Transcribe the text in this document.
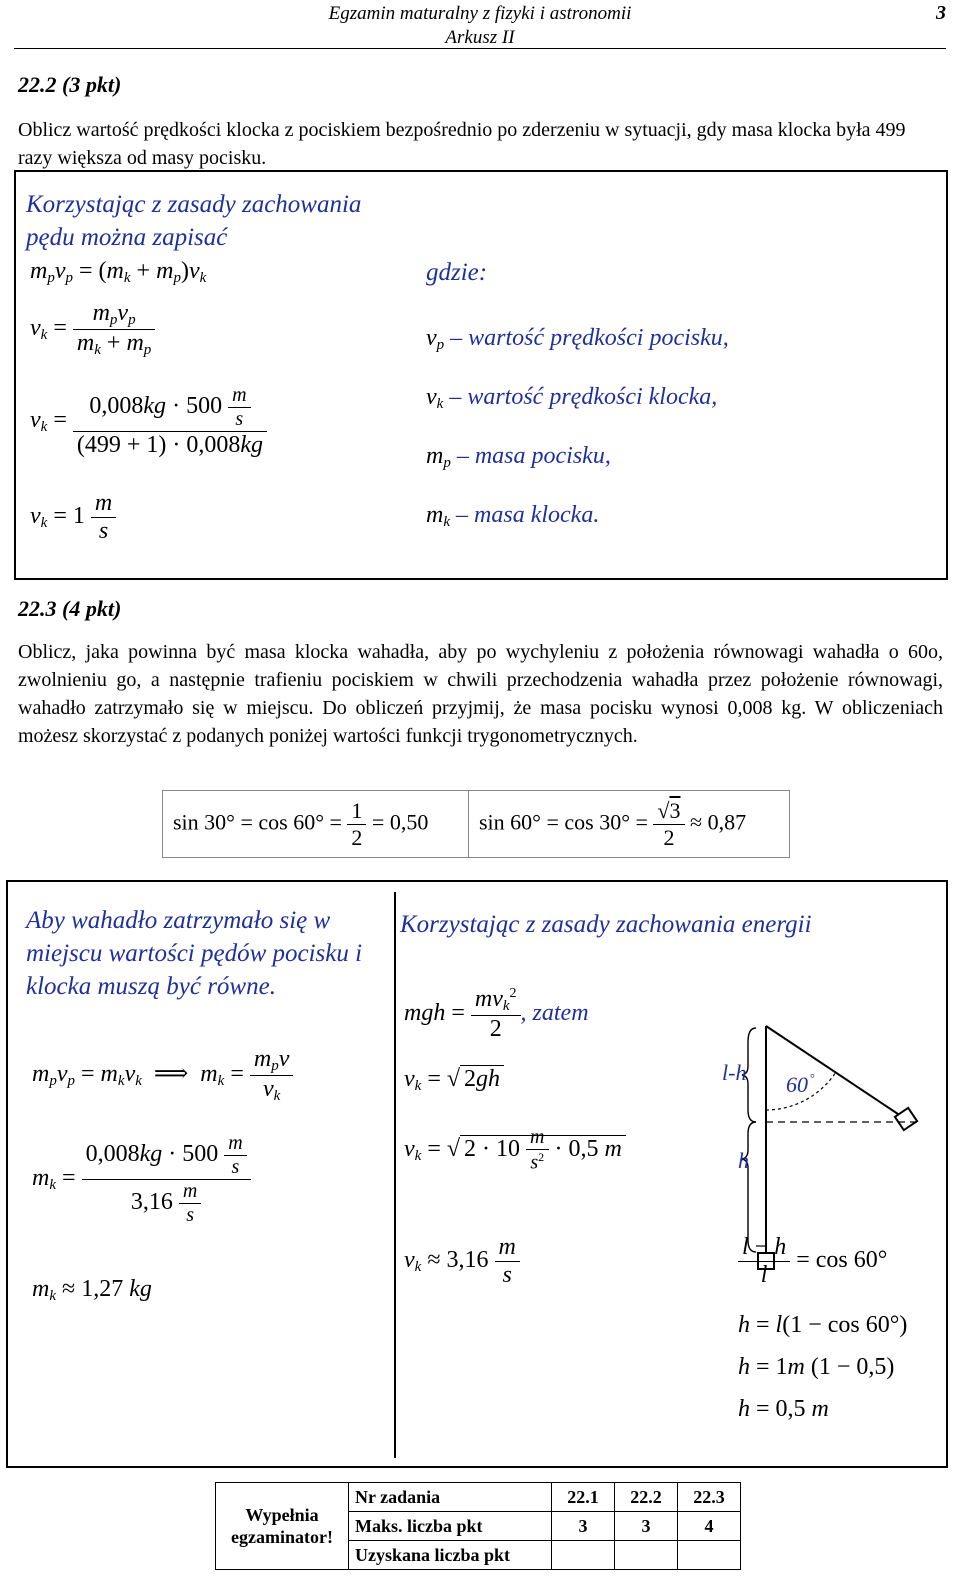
Egzamin maturalny z fizyki i astronomii
Arkusz II
3
22.2 (3 pkt)
Oblicz wartość prędkości klocka z pociskiem bezpośrednio po zderzeniu w sytuacji, gdy masa klocka była 499 razy większa od masy pocisku.
Korzystając z zasady zachowania pędu można zapisać
$m_pv_p = (m_k + m_p)v_k$	gdzie:
$v_k = \frac{m_pv_p}{m_k + m_p}$
$v_k = \frac{0,008kg \cdot 500 \frac{m}{s}}{(499 + 1) \cdot 0,008kg}$
$v_k = 1 \frac{m}{s}$
$v_p$ – wartość prędkości pocisku,
$v_k$ – wartość prędkości klocka,
$m_p$ – masa pocisku,
$m_k$ – masa klocka.
22.3 (4 pkt)
Oblicz, jaka powinna być masa klocka wahadła, aby po wychyleniu z położenia równowagi wahadła o 60o, zwolnieniu go, a następnie trafieniu pociskiem w chwili przechodzenia wahadła przez położenie równowagi, wahadło zatrzymało się w miejscu. Do obliczeń przyjmij, że masa pocisku wynosi 0,008 kg. W obliczeniach możesz skorzystać z podanych poniżej wartości funkcji trygonometrycznych.
$\sin 30^\circ = \cos 60^\circ = \frac{1}{2} = 0,50$	$\sin 60^\circ = \cos 30^\circ = \frac{√3}{2} \approx 0,87$
Aby wahadło zatrzymało się w miejscu wartości pędów pocisku i klocka muszą być równe.
$m_pv_p = m_kv_k$  ⟹  $m_k = \frac{m_pv}{v_k}$
$m_k = \frac{0,008kg \cdot 500 \frac{m}{s}}{3,16 \frac{m}{s}}$
$m_k \approx 1,27$ kg
Korzystając z zasady zachowania energii
mgh = $\frac{mv_k^2}{2}$ , zatem
$v_k$ = √ 2gh
$v_k$ = √ $2 \cdot 10 \frac{m}{s^2} \cdot 0,5$ m
$v_k \approx 3,16 \frac{m}{s}$
l-h
h
60 °
$\frac{l - h}{l} = \cos 60^\circ$
h = l(1 − cos 60°)
h = 1m (1 − 0,5)
h = 0,5 m
Wypełnia
egzaminator!	Nr zadania	22.1	22.2	22.3
	Maks. liczba pkt	3	3	4
	Uzyskana liczba pkt			
